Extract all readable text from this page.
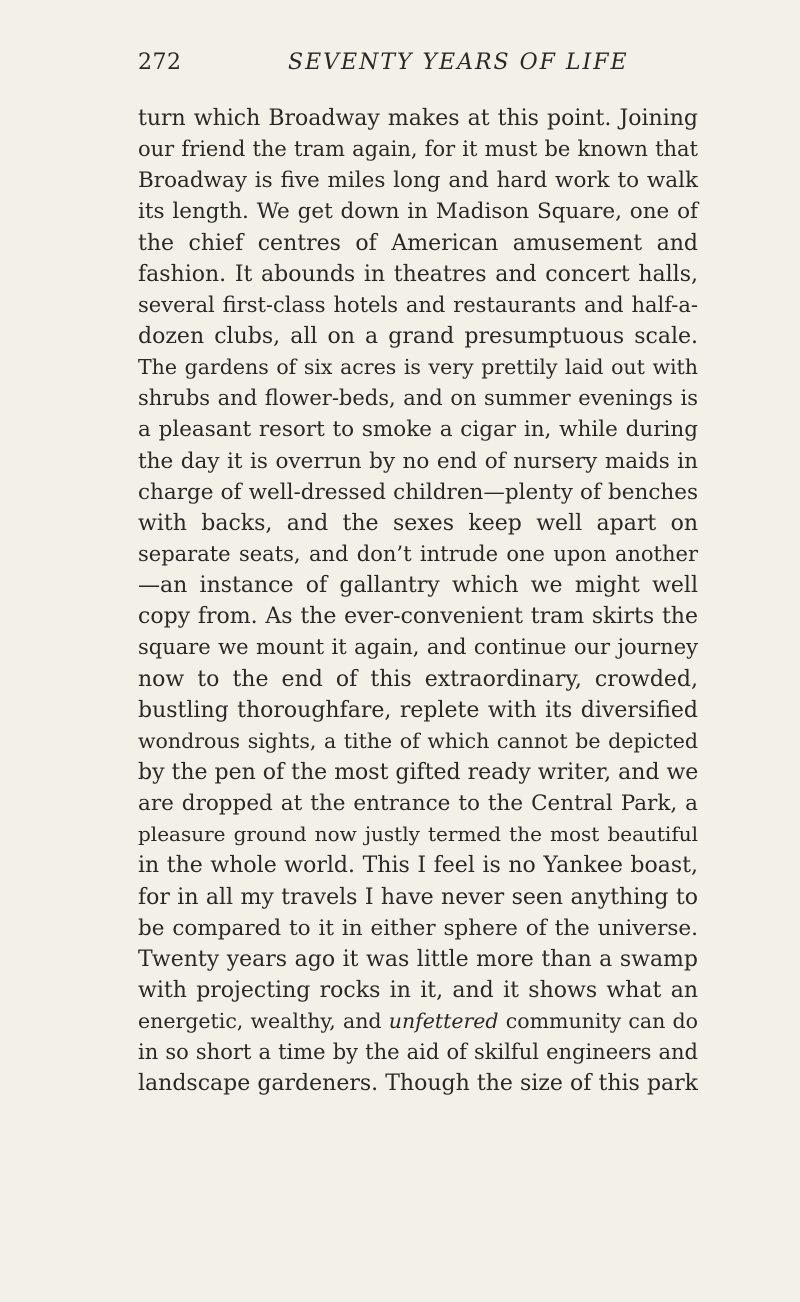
272	SEVENTY YEARS OF LIFE
turn which Broadway makes at this point. Joining
our friend the tram again, for it must be known that
Broadway is five miles long and hard work to walk
its length. We get down in Madison Square, one of
the chief centres of American amusement and
fashion. It abounds in theatres and concert halls,
several first-class hotels and restaurants and half-a-
dozen clubs, all on a grand presumptuous scale.
The gardens of six acres is very prettily laid out with
shrubs and flower-beds, and on summer evenings is
a pleasant resort to smoke a cigar in, while during
the day it is overrun by no end of nursery maids in
charge of well-dressed children—plenty of benches
with backs, and the sexes keep well apart on
separate seats, and don’t intrude one upon another
—an instance of gallantry which we might well
copy from. As the ever-convenient tram skirts the
square we mount it again, and continue our journey
now to the end of this extraordinary, crowded,
bustling thoroughfare, replete with its diversified
wondrous sights, a tithe of which cannot be depicted
by the pen of the most gifted ready writer, and we
are dropped at the entrance to the Central Park, a
pleasure ground now justly termed the most beautiful
in the whole world. This I feel is no Yankee boast,
for in all my travels I have never seen anything to
be compared to it in either sphere of the universe.
Twenty years ago it was little more than a swamp
with projecting rocks in it, and it shows what an
energetic, wealthy, and unfettered community can do
in so short a time by the aid of skilful engineers and
landscape gardeners. Though the size of this park
